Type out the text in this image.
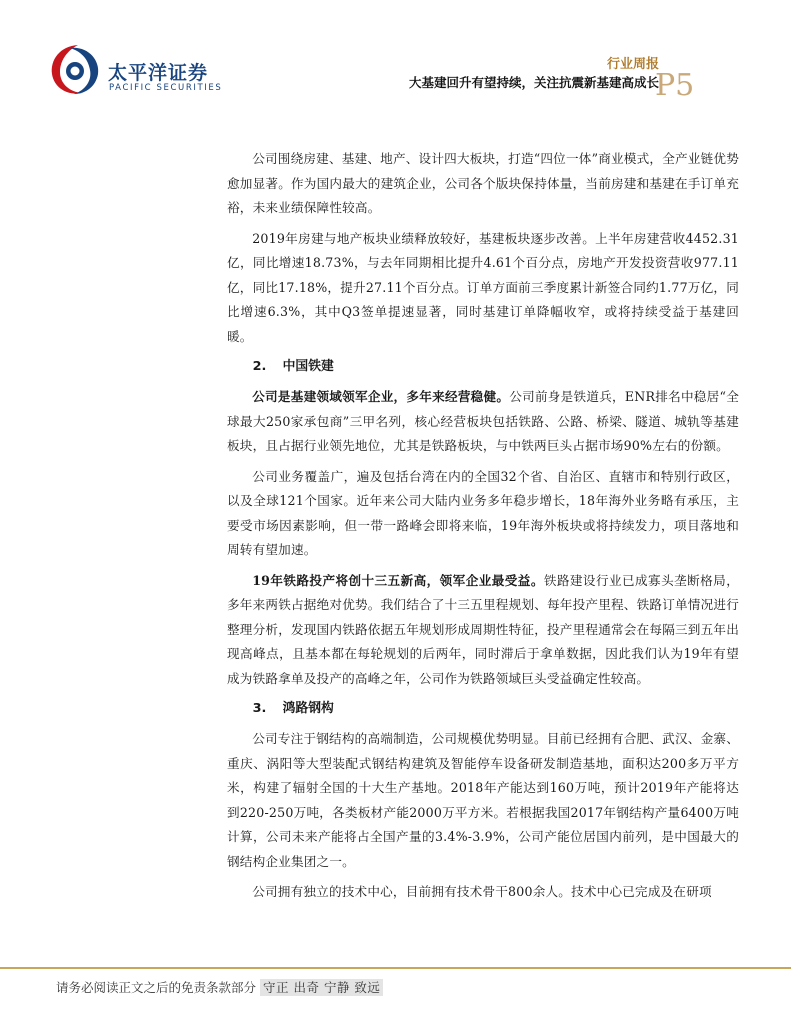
太平洋证券
PACIFIC SECURITIES
行业周报
大基建回升有望持续，关注抗震新基建高成长
P5

公司围绕房建、基建、地产、设计四大板块，打造“四位一体”商业模式，全产业链优势愈加显著。作为国内最大的建筑企业，公司各个版块保持体量，当前房建和基建在手订单充裕，未来业绩保障性较高。

2019年房建与地产板块业绩释放较好，基建板块逐步改善。上半年房建营收4452.31亿，同比增速18.73%，与去年同期相比提升4.61个百分点，房地产开发投资营收977.11亿，同比17.18%，提升27.11个百分点。订单方面前三季度累计新签合同约1.77万亿，同比增速6.3%，其中Q3签单提速显著，同时基建订单降幅收窄，或将持续受益于基建回暖。

2. 中国铁建

公司是基建领域领军企业，多年来经营稳健。公司前身是铁道兵，ENR排名中稳居“全球最大250家承包商”三甲名列，核心经营板块包括铁路、公路、桥梁、隧道、城轨等基建板块，且占据行业领先地位，尤其是铁路板块，与中铁两巨头占据市场90%左右的份额。

公司业务覆盖广，遍及包括台湾在内的全国32个省、自治区、直辖市和特别行政区，以及全球121个国家。近年来公司大陆内业务多年稳步增长，18年海外业务略有承压，主要受市场因素影响，但一带一路峰会即将来临，19年海外板块或将持续发力，项目落地和周转有望加速。

19年铁路投产将创十三五新高，领军企业最受益。铁路建设行业已成寡头垄断格局，多年来两铁占据绝对优势。我们结合了十三五里程规划、每年投产里程、铁路订单情况进行整理分析，发现国内铁路依据五年规划形成周期性特征，投产里程通常会在每隔三到五年出现高峰点，且基本都在每轮规划的后两年，同时滞后于拿单数据，因此我们认为19年有望成为铁路拿单及投产的高峰之年，公司作为铁路领域巨头受益确定性较高。

3. 鸿路钢构

公司专注于钢结构的高端制造，公司规模优势明显。目前已经拥有合肥、武汉、金寨、重庆、涡阳等大型装配式钢结构建筑及智能停车设备研发制造基地，面积达200多万平方米，构建了辐射全国的十大生产基地。2018年产能达到160万吨，预计2019年产能将达到220-250万吨，各类板材产能2000万平方米。若根据我国2017年钢结构产量6400万吨计算，公司未来产能将占全国产量的3.4%-3.9%，公司产能位居国内前列，是中国最大的钢结构企业集团之一。

公司拥有独立的技术中心，目前拥有技术骨干800余人。技术中心已完成及在研项

请务必阅读正文之后的免责条款部分 守正 出奇 宁静 致远
